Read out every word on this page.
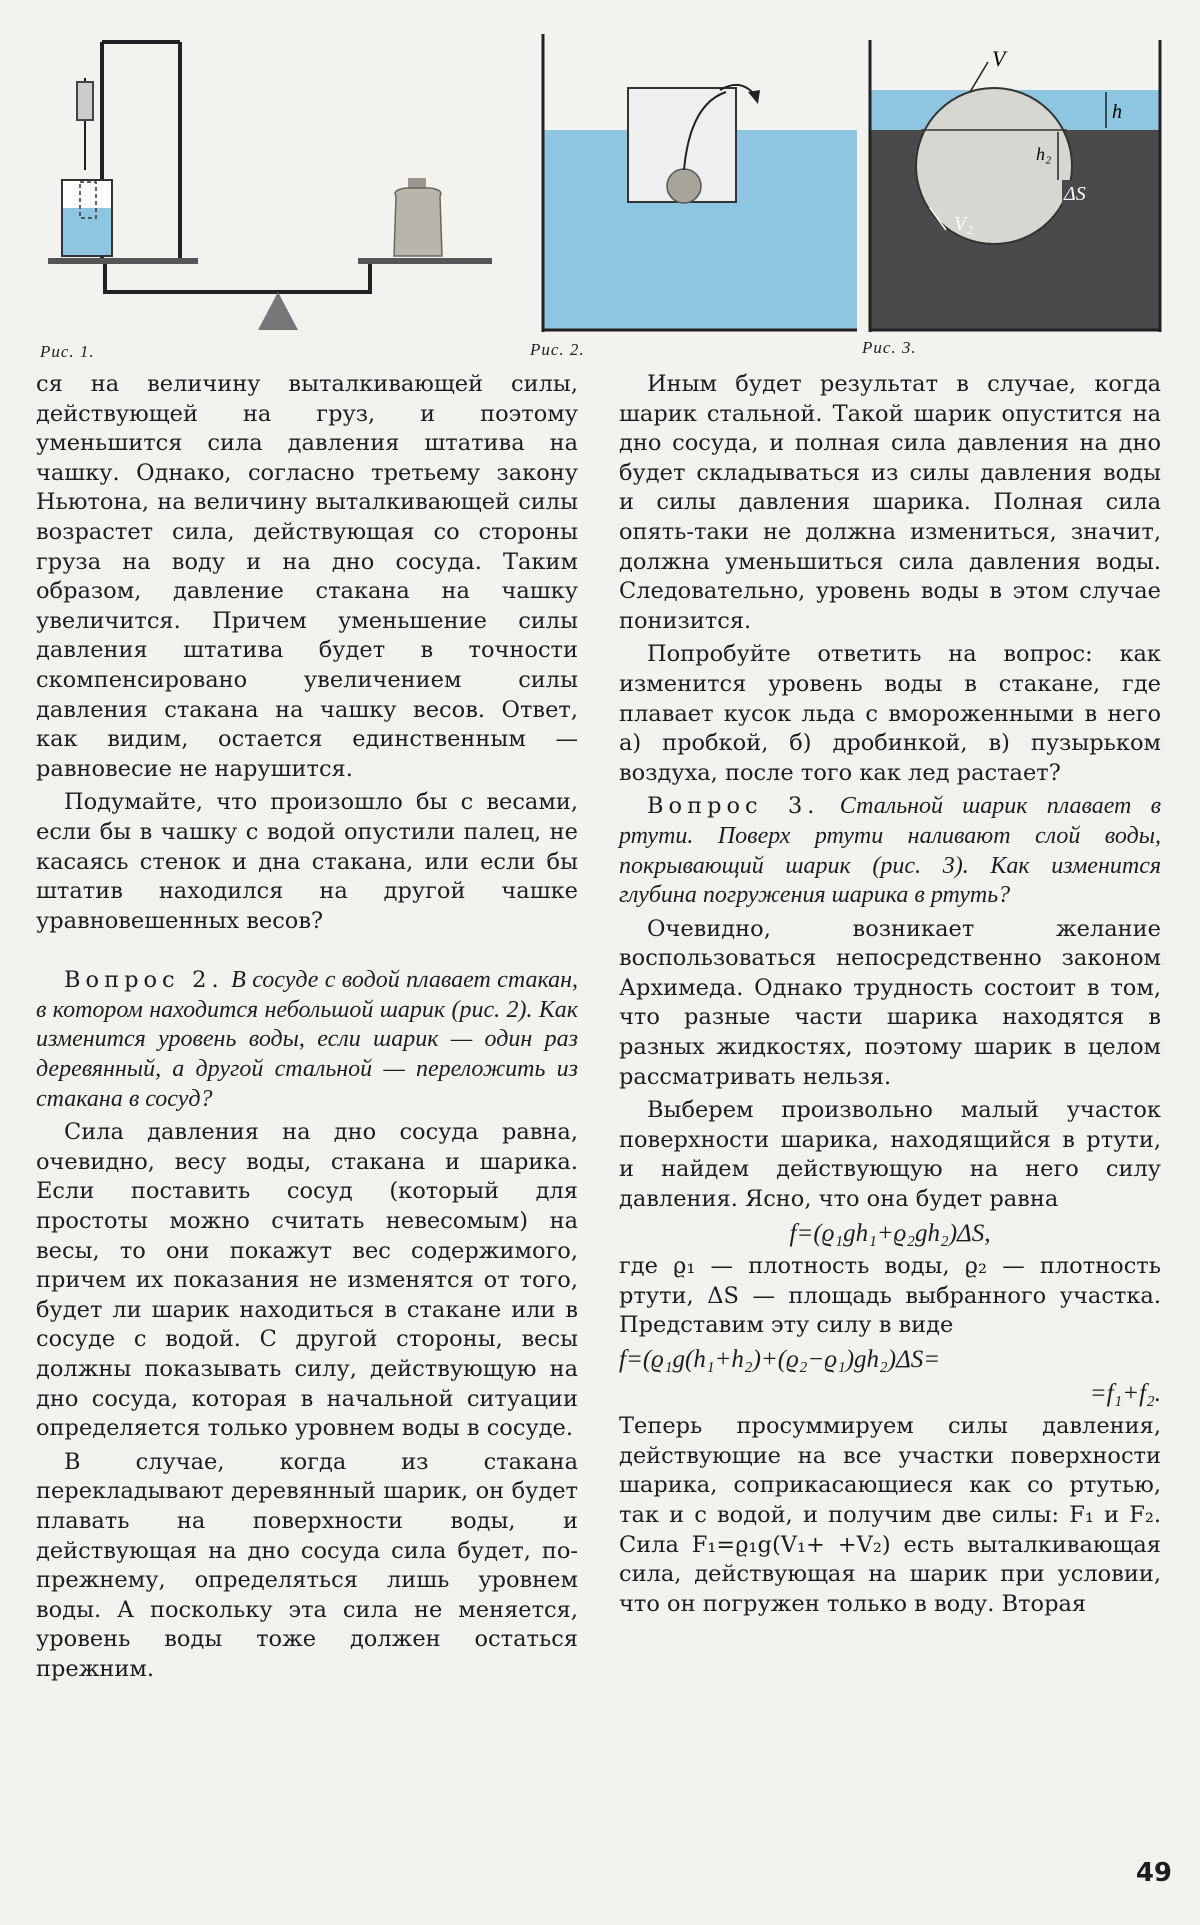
Рис. 1.	Рис. 2.
V
h
h₂
ΔS
V₂
Рис. 3.

ся на величину выталкивающей силы, действующей на груз, и поэтому уменьшится сила давления штатива на чашку. Однако, согласно третьему закону Ньютона, на величину выталкивающей силы возрастет сила, действующая со стороны груза на воду и на дно сосуда. Таким образом, давление стакана на чашку увеличится. Причем уменьшение силы давления штатива будет в точности скомпенсировано увеличением силы давления стакана на чашку весов. Ответ, как видим, остается единственным — равновесие не нарушится.

Подумайте, что произошло бы с весами, если бы в чашку с водой опустили палец, не касаясь стенок и дна стакана, или если бы штатив находился на другой чашке уравновешенных весов?

Вопрос 2. В сосуде с водой плавает стакан, в котором находится небольшой шарик (рис. 2). Как изменится уровень воды, если шарик — один раз деревянный, а другой стальной — переложить из стакана в сосуд?

Сила давления на дно сосуда равна, очевидно, весу воды, стакана и шарика. Если поставить сосуд (который для простоты можно считать невесомым) на весы, то они покажут вес содержимого, причем их показания не изменятся от того, будет ли шарик находиться в стакане или в сосуде с водой. С другой стороны, весы должны показывать силу, действующую на дно сосуда, которая в начальной ситуации определяется только уровнем воды в сосуде.

В случае, когда из стакана перекладывают деревянный шарик, он будет плавать на поверхности воды, и действующая на дно сосуда сила будет, по-прежнему, определяться лишь уровнем воды. А поскольку эта сила не меняется, уровень воды тоже должен остаться прежним.

Иным будет результат в случае, когда шарик стальной. Такой шарик опустится на дно сосуда, и полная сила давления на дно будет складываться из силы давления воды и силы давления шарика. Полная сила опять-таки не должна измениться, значит, должна уменьшиться сила давления воды. Следовательно, уровень воды в этом случае понизится.

Попробуйте ответить на вопрос: как изменится уровень воды в стакане, где плавает кусок льда с вмороженными в него а) пробкой, б) дробинкой, в) пузырьком воздуха, после того как лед растает?

Вопрос 3. Стальной шарик плавает в ртути. Поверх ртути наливают слой воды, покрывающий шарик (рис. 3). Как изменится глубина погружения шарика в ртуть?

Очевидно, возникает желание воспользоваться непосредственно законом Архимеда. Однако трудность состоит в том, что разные части шарика находятся в разных жидкостях, поэтому шарик в целом рассматривать нельзя.

Выберем произвольно малый участок поверхности шарика, находящийся в ртути, и найдем действующую на него силу давления. Ясно, что она будет равна

f=(ϱ₁gh₁+ϱ₂gh₂)ΔS,

где ϱ₁ — плотность воды, ϱ₂ — плотность ртути, ΔS — площадь выбранного участка. Представим эту силу в виде

f=(ϱ₁g(h₁+h₂)+(ϱ₂−ϱ₁)gh₂)ΔS=
=f₁+f₂.

Теперь просуммируем силы давления, действующие на все участки поверхности шарика, соприкасающиеся как со ртутью, так и с водой, и получим две силы: F₁ и F₂. Сила F₁=ϱ₁g(V₁+ +V₂) есть выталкивающая сила, действующая на шарик при условии, что он погружен только в воду. Вторая

49
